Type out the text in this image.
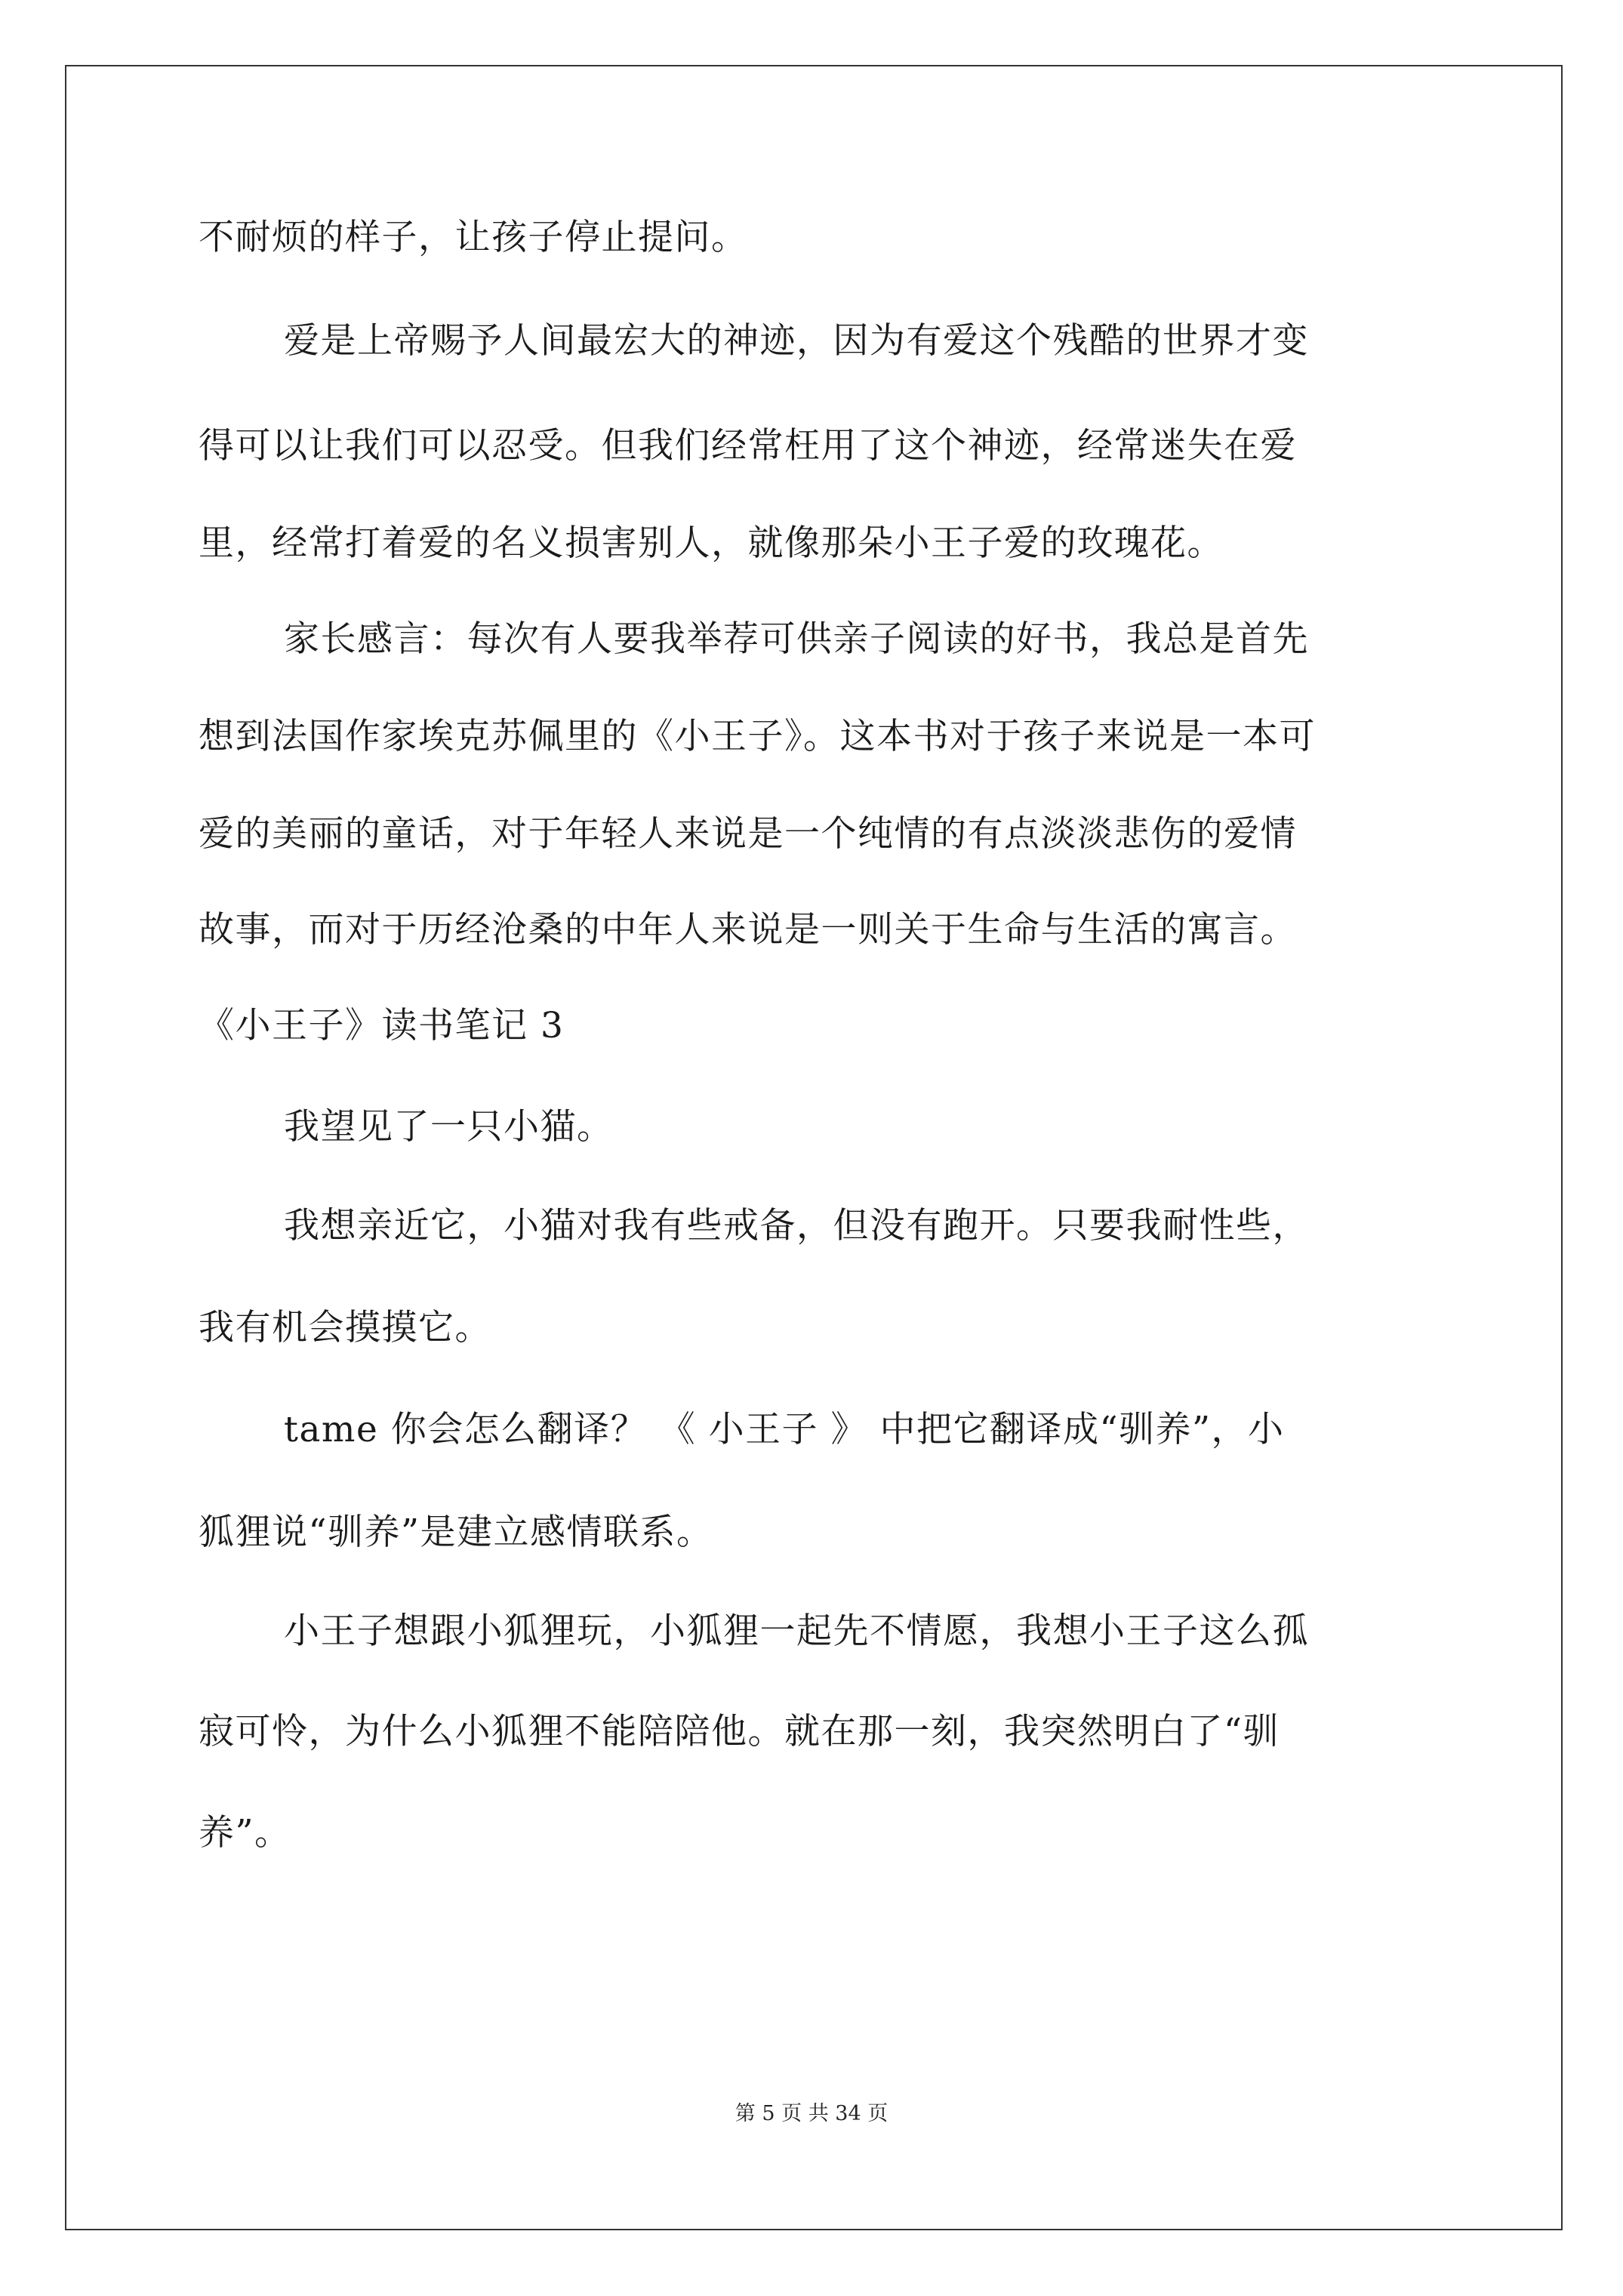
不耐烦的样子，让孩子停止提问。
爱是上帝赐予人间最宏大的神迹，因为有爱这个残酷的世界才变
得可以让我们可以忍受。但我们经常枉用了这个神迹，经常迷失在爱
里，经常打着爱的名义损害别人，就像那朵小王子爱的玫瑰花。
家长感言：每次有人要我举荐可供亲子阅读的好书，我总是首先
想到法国作家埃克苏佩里的《小王子》。这本书对于孩子来说是一本可
爱的美丽的童话，对于年轻人来说是一个纯情的有点淡淡悲伤的爱情
故事，而对于历经沧桑的中年人来说是一则关于生命与生活的寓言。
《小王子》读书笔记 3
我望见了一只小猫。
我想亲近它，小猫对我有些戒备，但没有跑开。只要我耐性些，
我有机会摸摸它。
tame 你会怎么翻译？ 《 小王子 》 中把它翻译成“驯养”，小
狐狸说“驯养”是建立感情联系。
小王子想跟小狐狸玩，小狐狸一起先不情愿，我想小王子这么孤
寂可怜，为什么小狐狸不能陪陪他。就在那一刻，我突然明白了“驯
养”。
第 5 页 共 34 页
